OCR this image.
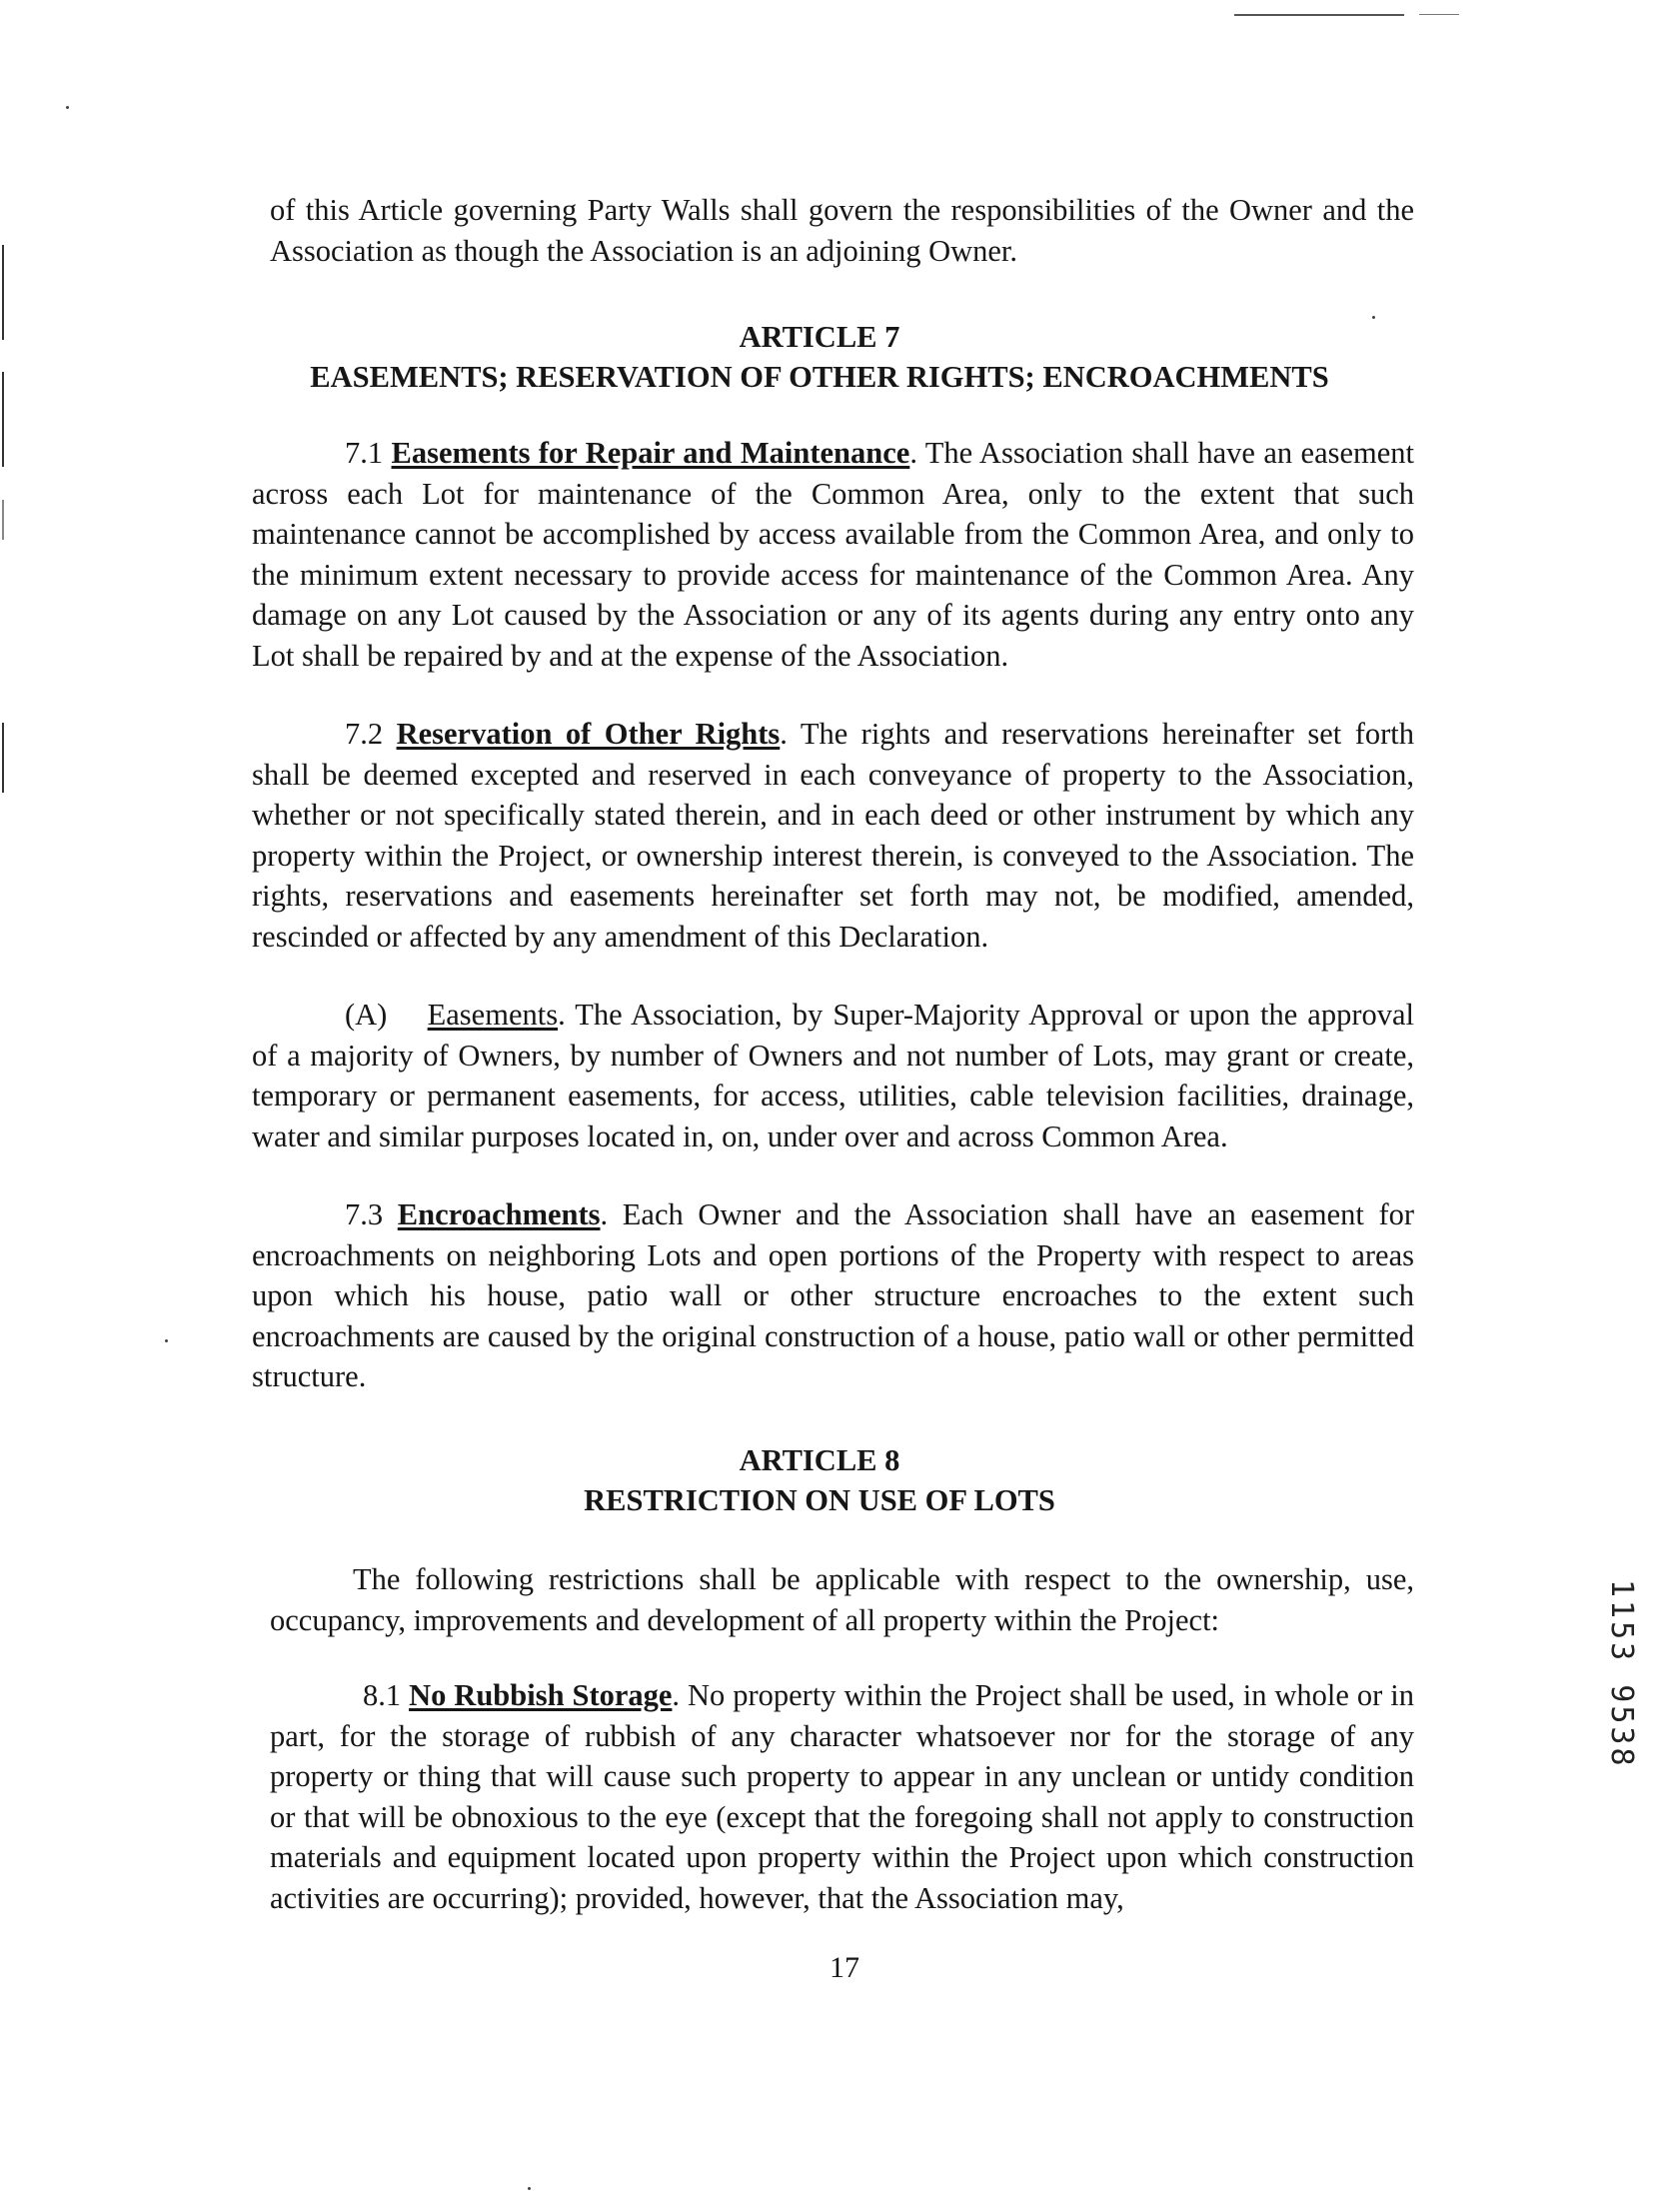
of this Article governing Party Walls shall govern the responsibilities of the Owner and the Association as though the Association is an adjoining Owner.

ARTICLE 7
EASEMENTS; RESERVATION OF OTHER RIGHTS; ENCROACHMENTS

7.1 Easements for Repair and Maintenance. The Association shall have an easement across each Lot for maintenance of the Common Area, only to the extent that such maintenance cannot be accomplished by access available from the Common Area, and only to the minimum extent necessary to provide access for maintenance of the Common Area. Any damage on any Lot caused by the Association or any of its agents during any entry onto any Lot shall be repaired by and at the expense of the Association.

7.2 Reservation of Other Rights. The rights and reservations hereinafter set forth shall be deemed excepted and reserved in each conveyance of property to the Association, whether or not specifically stated therein, and in each deed or other instrument by which any property within the Project, or ownership interest therein, is conveyed to the Association. The rights, reservations and easements hereinafter set forth may not, be modified, amended, rescinded or affected by any amendment of this Declaration.

(A) Easements. The Association, by Super-Majority Approval or upon the approval of a majority of Owners, by number of Owners and not number of Lots, may grant or create, temporary or permanent easements, for access, utilities, cable television facilities, drainage, water and similar purposes located in, on, under over and across Common Area.

7.3 Encroachments. Each Owner and the Association shall have an easement for encroachments on neighboring Lots and open portions of the Property with respect to areas upon which his house, patio wall or other structure encroaches to the extent such encroachments are caused by the original construction of a house, patio wall or other permitted structure.

ARTICLE 8
RESTRICTION ON USE OF LOTS

The following restrictions shall be applicable with respect to the ownership, use, occupancy, improvements and development of all property within the Project:

8.1 No Rubbish Storage. No property within the Project shall be used, in whole or in part, for the storage of rubbish of any character whatsoever nor for the storage of any property or thing that will cause such property to appear in any unclean or untidy condition or that will be obnoxious to the eye (except that the foregoing shall not apply to construction materials and equipment located upon property within the Project upon which construction activities are occurring); provided, however, that the Association may,

17
1153 9538
